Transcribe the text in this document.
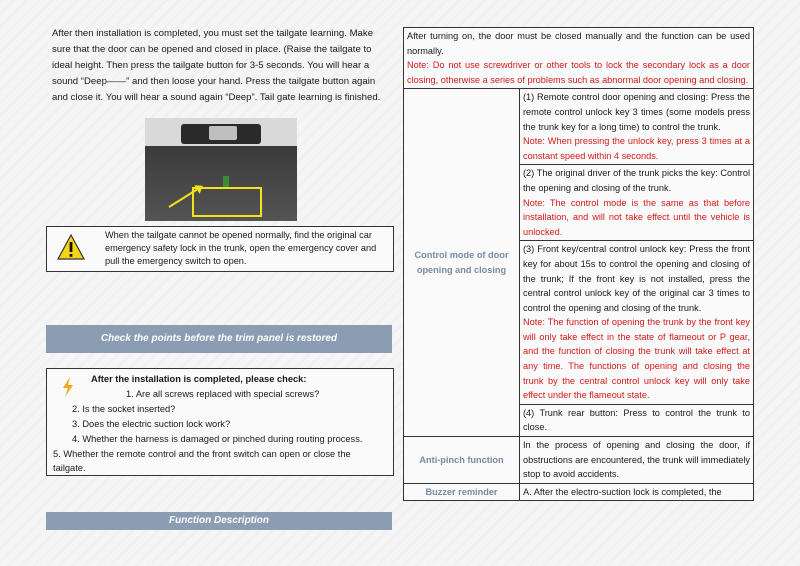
After then installation is completed, you must set the tailgate learning. Make sure that the door can be opened and closed in place. (Raise the tailgate to ideal height. Then press the tailgate button for 3-5 seconds. You will hear a sound “Deep——” and then loose your hand. Press the tailgate button again and close it. You will hear a sound again “Deep”. Tail gate learning is finished.
When the tailgate cannot be opened normally, find the original car emergency safety lock in the trunk, open the emergency cover and pull the emergency switch to open.
Check the points before the trim panel is restored
After the installation is completed, please check:
1. Are all screws replaced with special screws?
2. Is the socket inserted?
3. Does the electric suction lock work?
4. Whether the harness is damaged or pinched during routing process.
5. Whether the remote control and the front switch can open or close the
tailgate.
Function Description
After turning on, the door must be closed manually and the function can be used normally.
Note: Do not use screwdriver or other tools to lock the secondary lock as a door closing, otherwise a series of problems such as abnormal door opening and closing.	
Control mode of door opening and closing	(1) Remote control door opening and closing: Press the remote control unlock key 3 times (some models press the trunk key for a long time) to control the trunk.
Note: When pressing the unlock key, press 3 times at a constant speed within 4 seconds.
	(2) The original driver of the trunk picks the key: Control the opening and closing of the trunk.
Note: The control mode is the same as that before installation, and will not take effect until the vehicle is unlocked.
	(3) Front key/central control unlock key: Press the front key for about 15s to control the opening and closing of the trunk; If the front key is not installed, press the central control unlock key of the original car 3 times to control the opening and closing of the trunk.
Note: The function of opening the trunk by the front key will only take effect in the state of flameout or P gear, and the function of closing the trunk will take effect at any time. The functions of opening and closing the trunk by the central control unlock key will only take effect under the flameout state.
	(4) Trunk rear button: Press to control the trunk to close.
Anti-pinch function	In the process of opening and closing the door, if obstructions are encountered, the trunk will immediately stop to avoid accidents.
Buzzer reminder	A. After the electro-suction lock is completed, the
